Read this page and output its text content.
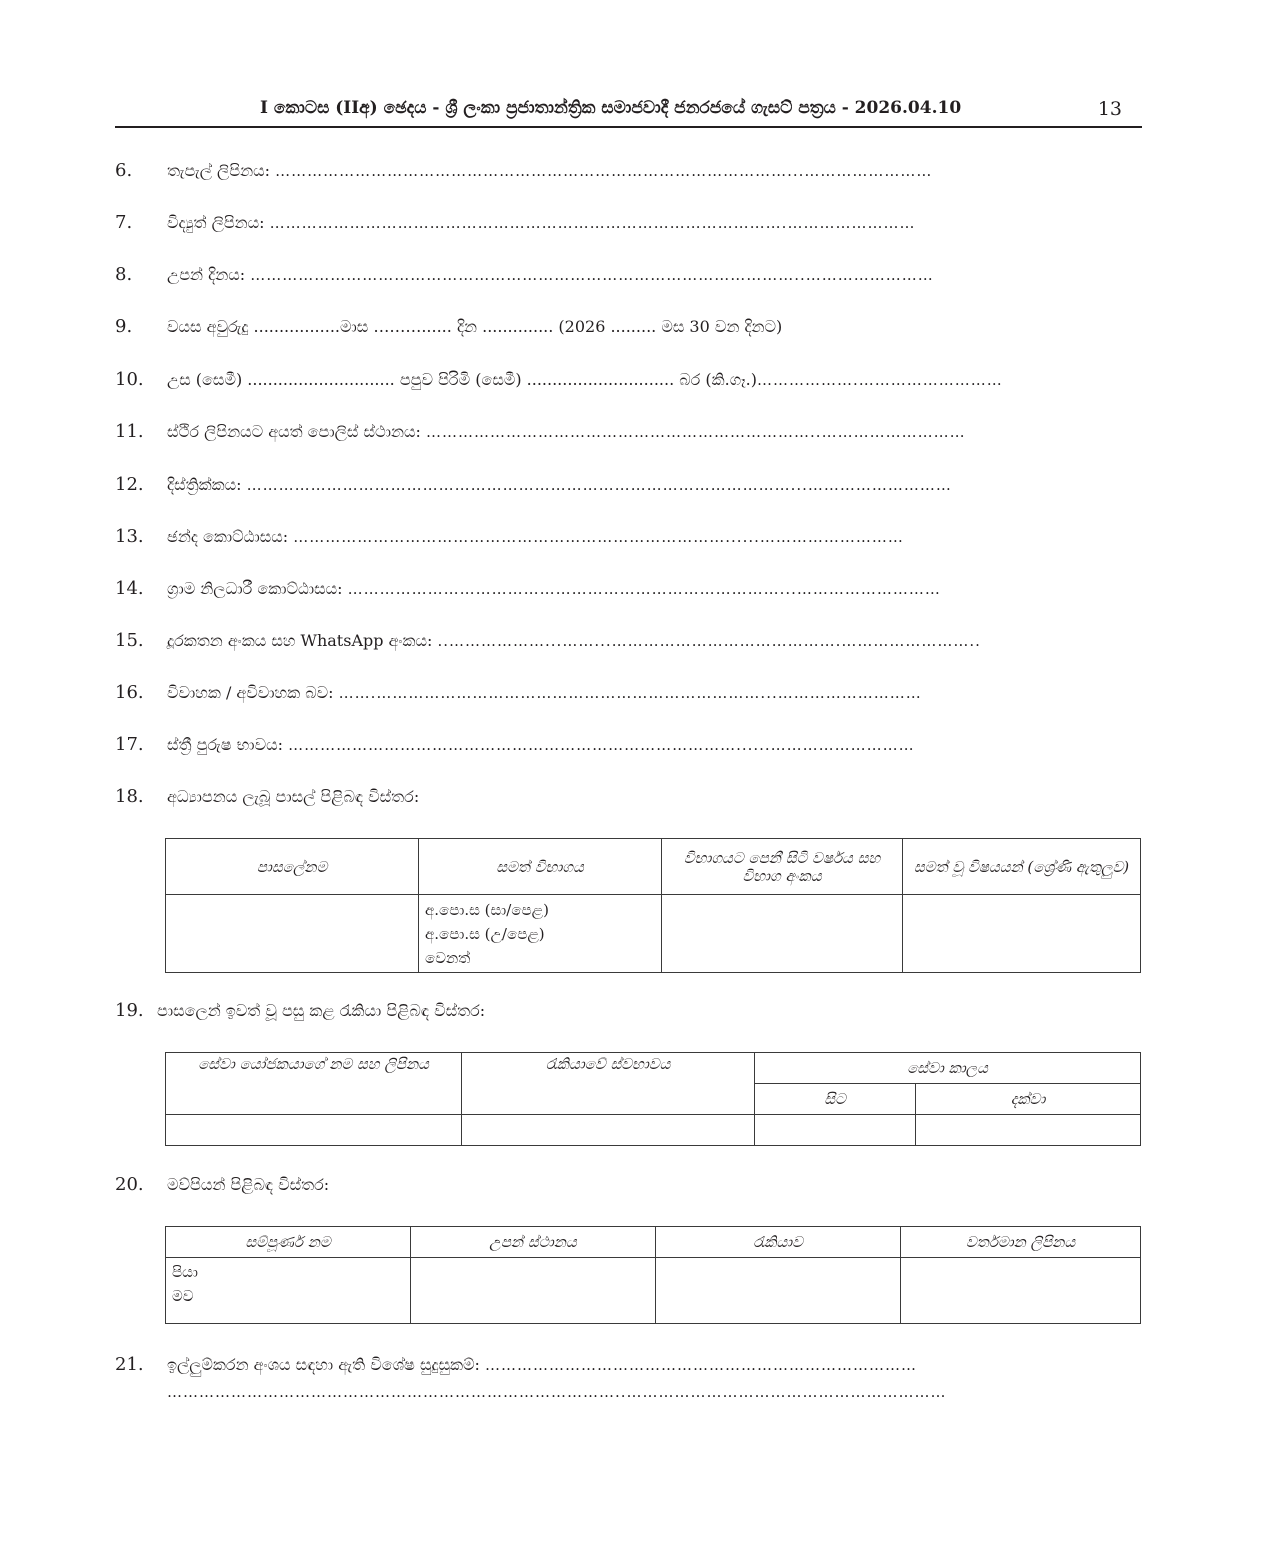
I කොටස (IIඅ) ඡෙදය - ශ්‍රී ලංකා ප්‍රජාතාන්ත්‍රික සමාජවාදී ජනරජයේ ගැසට් පත්‍රය - 2026.04.10	13
6. තැපැල් ලිපිනය: ……………………………………………………………………………………...……………………
7. විද්‍යුත් ලිපිනය: …………………………………………………………………………………….……………………
8. උපන් දිනය: …………………………………………………………………………………………..……………………
9. වයස අවුරුදු .................මාස ………...... දින .............. (2026 ......... මස 30 වන දිනට)
10. උස (සෙමී) ............................. පපුව පිරිමි (සෙමී) ............................. බර (කි.ගෑ.)……………….………………………
11. ස්ථිර ලිපිනයට අයත් පොලිස් ස්ථානය: ………………………………………………………………..………………………
12. දිස්ත්‍රික්කය: …………………………………………………………………………………………...………………………
13. ඡන්ද කොට්ඨාසය: ………………………………………………………………………......………………………
14. ග්‍රාම නිලධාරී කොට්ඨාසය: ………………………………………………………………………...………………………
15. දූරකතන අංකය සහ WhatsApp අංකය: ..………………...……...…………………………………….……………………..
16. විවාහක / අවිවාහක බව: …….………………………………………………………………...………………………
17. ස්ත්‍රී පුරුෂ භාවය: …………………………………………………………………………......………………………
18. අධ්‍යාපනය ලැබූ පාසල් පිළිබඳ විස්තර:
පාසලේනම	සමත් විභාගය	විභාගයට පෙනී සිටි වර්ෂය සහ විභාග අංකය	සමත් වූ විෂයයන් (ශ්‍රේණි ඇතුලුව)

	අ.පො.ස (සා/පෙළ)
අ.පො.ස (උ/පෙළ)
වෙනත්		

19. පාසලෙන් ඉවත් වූ පසු කළ රැකියා පිළිබඳ විස්තර:
සේවා යෝජකයාගේ නම සහ ලිපිනය	රැකියාවේ ස්වභාවය	සේවා කාලය	
		සිට	දක්වා

20. මව්පියන් පිළිබඳ විස්තර:
සම්පූර්ණ නම	උපන් ස්ථානය	රැකියාව	වර්තමාන ලිපිනය

පියා
මව			

21. ඉල්ලුම්කරන අංශය සඳහා ඇති විශේෂ සුදුසුකම්: ………………………………………………………………………
…………………………………………………………………………..……………………………………………………
